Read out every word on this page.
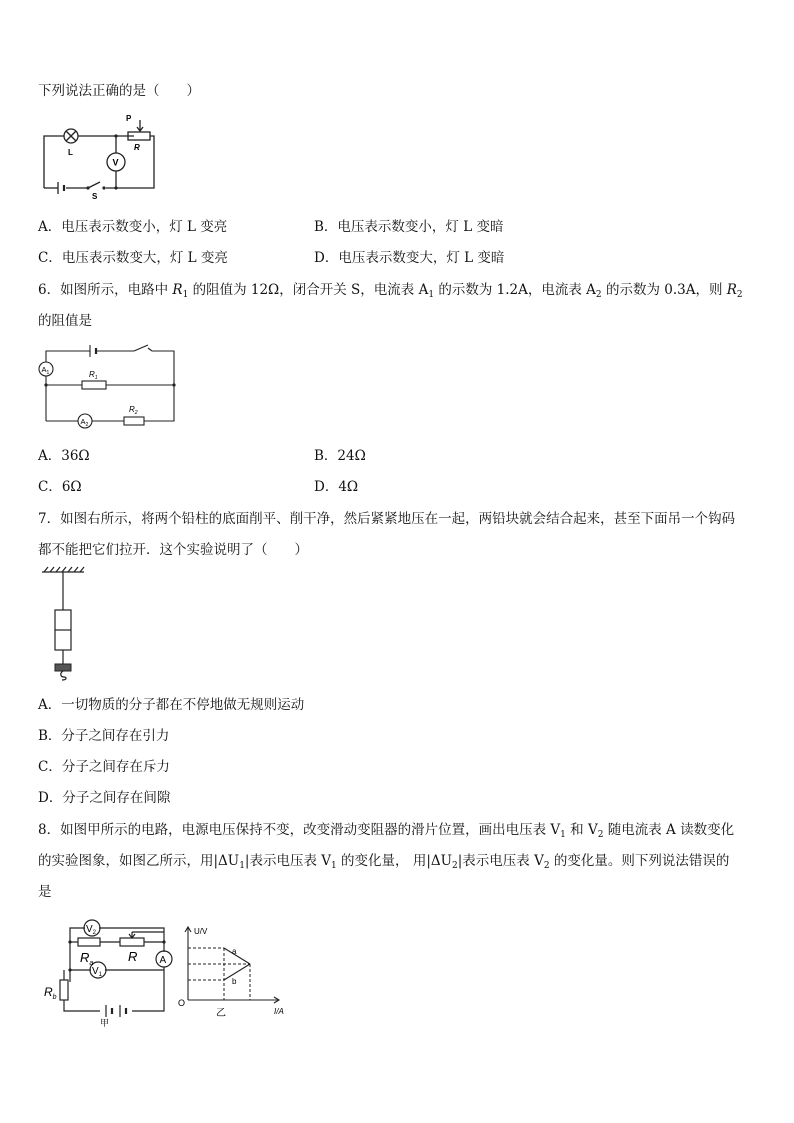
下列说法正确的是（　　）
L
P
R
V
S
A．电压表示数变小，灯 L 变亮	B．电压表示数变小，灯 L 变暗
C．电压表示数变大，灯 L 变亮	D．电压表示数变大，灯 L 变暗
6．如图所示，电路中 $R_1$ 的阻值为 12Ω，闭合开关 S，电流表 $A_1$ 的示数为 1.2A，电流表 $A_2$ 的示数为 0.3A，则 $R_2$
的阻值是
$A_1$
$A_2$
$R_1$
$R_2$
A．36Ω	B．24Ω
C．6Ω	D．4Ω
7．如图右所示，将两个铅柱的底面削平、削干净，然后紧紧地压在一起，两铅块就会结合起来，甚至下面吊一个钩码
都不能把它们拉开．这个实验说明了（　　）
A．一切物质的分子都在不停地做无规则运动
B．分子之间存在引力
C．分子之间存在斥力
D．分子之间存在间隙
8．如图甲所示的电路，电源电压保持不变，改变滑动变阻器的滑片位置，画出电压表 $V_1$ 和 $V_2$ 随电流表 A 读数变化
的实验图象，如图乙所示，用$|\Delta U_1|$表示电压表 $V_1$ 的变化量， 用$|\Delta U_2|$表示电压表 $V_2$ 的变化量。则下列说法错误的
是
$V_2$
$V_1$
$R_a$	R A
$R_b$
甲
U/V
I/A
O
a
b
乙
